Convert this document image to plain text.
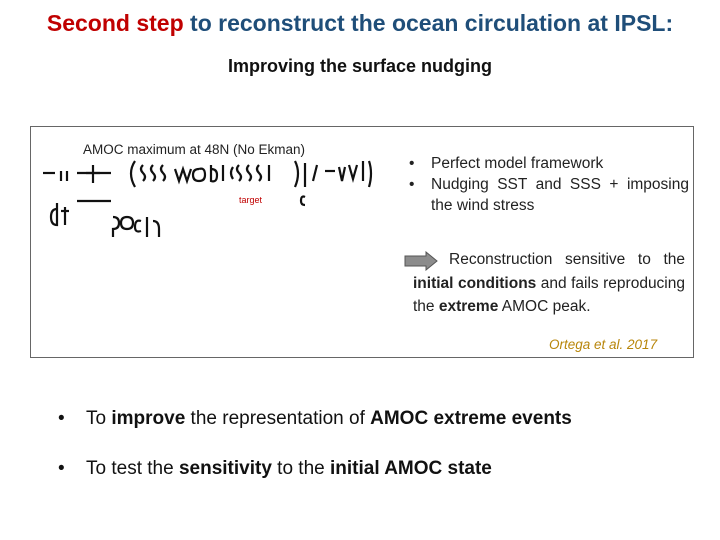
Second step to reconstruct the ocean circulation at IPSL:
Improving the surface nudging
AMOC maximum at 48N (No Ekman)
target
•	Perfect model framework
•	Nudging SST and SSS + imposing the wind stress
Reconstruction sensitive to the initial conditions and fails reproducing the extreme AMOC peak.
Ortega et al. 2017
•	To improve the representation of AMOC extreme events
•	To test the sensitivity to the initial AMOC state
